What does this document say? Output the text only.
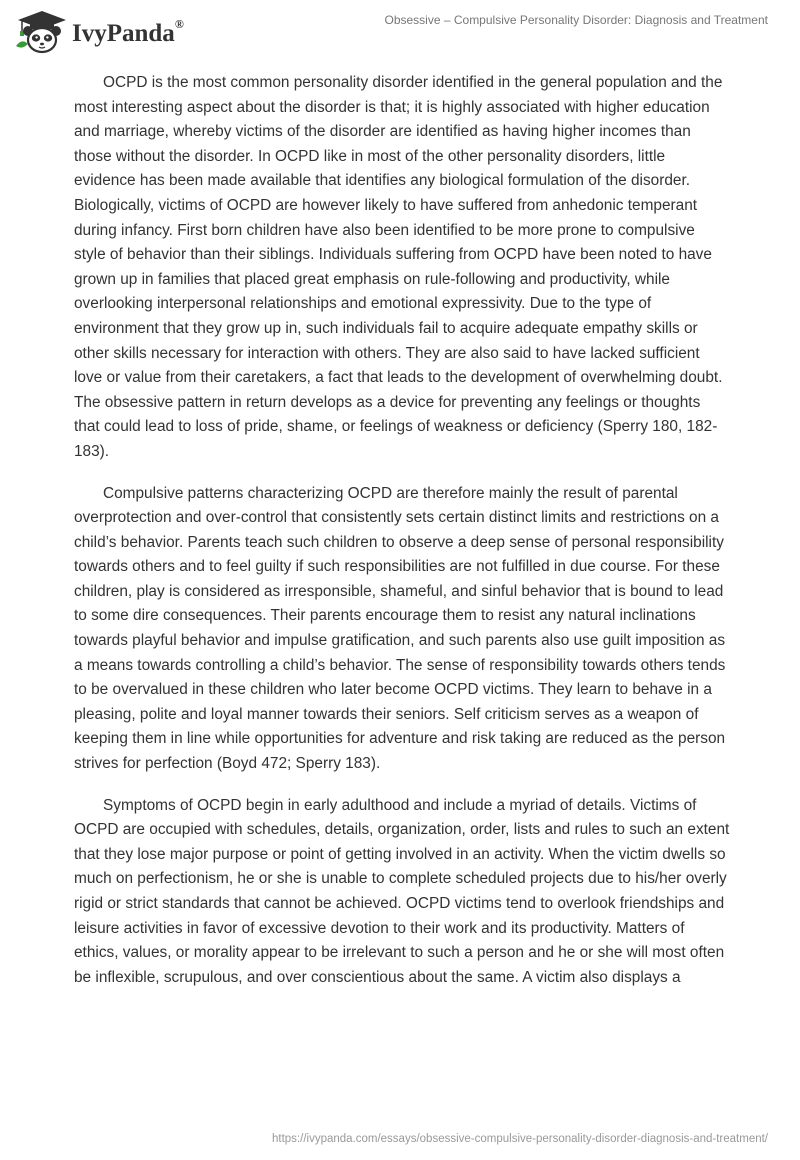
IvyPanda®	Obsessive – Compulsive Personality Disorder: Diagnosis and Treatment

OCPD is the most common personality disorder identified in the general population and the most interesting aspect about the disorder is that; it is highly associated with higher education and marriage, whereby victims of the disorder are identified as having higher incomes than those without the disorder. In OCPD like in most of the other personality disorders, little evidence has been made available that identifies any biological formulation of the disorder. Biologically, victims of OCPD are however likely to have suffered from anhedonic temperant during infancy. First born children have also been identified to be more prone to compulsive style of behavior than their siblings. Individuals suffering from OCPD have been noted to have grown up in families that placed great emphasis on rule-following and productivity, while overlooking interpersonal relationships and emotional expressivity. Due to the type of environment that they grow up in, such individuals fail to acquire adequate empathy skills or other skills necessary for interaction with others. They are also said to have lacked sufficient love or value from their caretakers, a fact that leads to the development of overwhelming doubt. The obsessive pattern in return develops as a device for preventing any feelings or thoughts that could lead to loss of pride, shame, or feelings of weakness or deficiency (Sperry 180, 182-183).

Compulsive patterns characterizing OCPD are therefore mainly the result of parental overprotection and over-control that consistently sets certain distinct limits and restrictions on a child’s behavior. Parents teach such children to observe a deep sense of personal responsibility towards others and to feel guilty if such responsibilities are not fulfilled in due course. For these children, play is considered as irresponsible, shameful, and sinful behavior that is bound to lead to some dire consequences. Their parents encourage them to resist any natural inclinations towards playful behavior and impulse gratification, and such parents also use guilt imposition as a means towards controlling a child’s behavior. The sense of responsibility towards others tends to be overvalued in these children who later become OCPD victims. They learn to behave in a pleasing, polite and loyal manner towards their seniors. Self criticism serves as a weapon of keeping them in line while opportunities for adventure and risk taking are reduced as the person strives for perfection (Boyd 472; Sperry 183).

Symptoms of OCPD begin in early adulthood and include a myriad of details. Victims of OCPD are occupied with schedules, details, organization, order, lists and rules to such an extent that they lose major purpose or point of getting involved in an activity. When the victim dwells so much on perfectionism, he or she is unable to complete scheduled projects due to his/her overly rigid or strict standards that cannot be achieved. OCPD victims tend to overlook friendships and leisure activities in favor of excessive devotion to their work and its productivity. Matters of ethics, values, or morality appear to be irrelevant to such a person and he or she will most often be inflexible, scrupulous, and over conscientious about the same. A victim also displays a

https://ivypanda.com/essays/obsessive-compulsive-personality-disorder-diagnosis-and-treatment/
